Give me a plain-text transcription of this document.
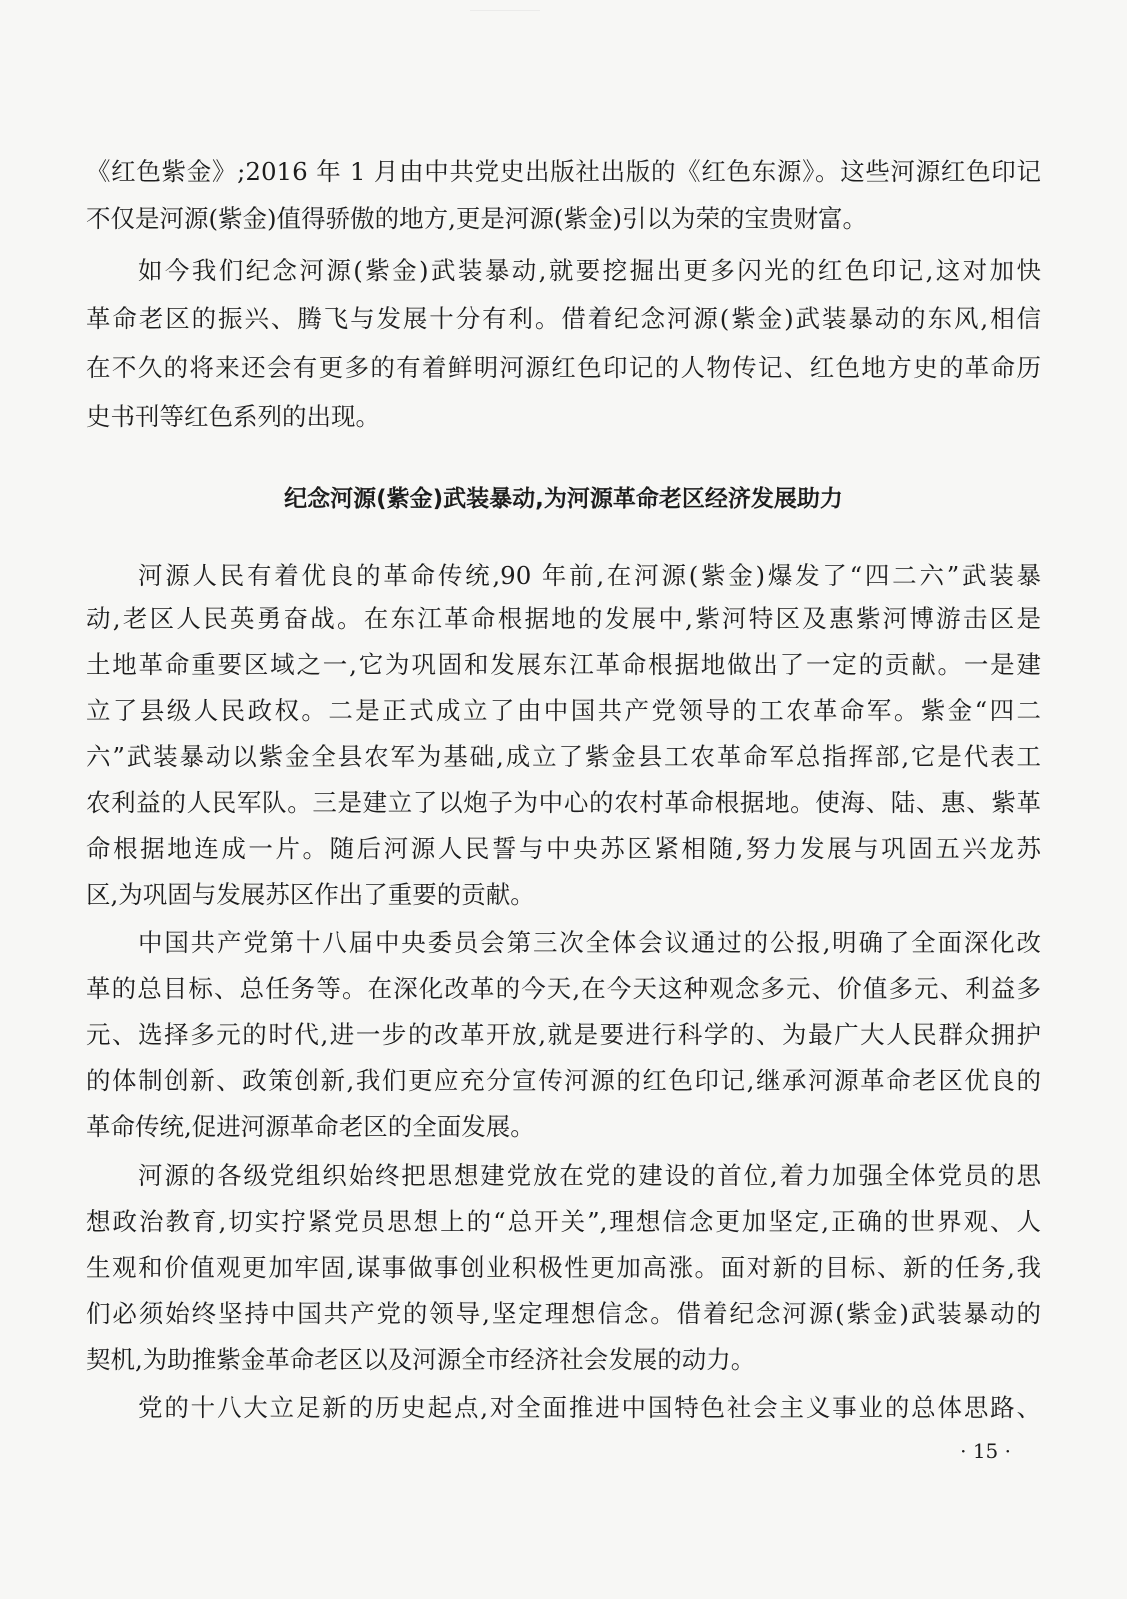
《红色紫金》;2016 年 1 月由中共党史出版社出版的《红色东源》。这些河源红色印记
不仅是河源(紫金)值得骄傲的地方,更是河源(紫金)引以为荣的宝贵财富。
如今我们纪念河源(紫金)武装暴动,就要挖掘出更多闪光的红色印记,这对加快
革命老区的振兴、腾飞与发展十分有利。借着纪念河源(紫金)武装暴动的东风,相信
在不久的将来还会有更多的有着鲜明河源红色印记的人物传记、红色地方史的革命历
史书刊等红色系列的出现。
纪念河源(紫金)武装暴动,为河源革命老区经济发展助力
河源人民有着优良的革命传统,90 年前,在河源(紫金)爆发了“四二六”武装暴
动,老区人民英勇奋战。在东江革命根据地的发展中,紫河特区及惠紫河博游击区是
土地革命重要区域之一,它为巩固和发展东江革命根据地做出了一定的贡献。一是建
立了县级人民政权。二是正式成立了由中国共产党领导的工农革命军。紫金“四二
六”武装暴动以紫金全县农军为基础,成立了紫金县工农革命军总指挥部,它是代表工
农利益的人民军队。三是建立了以炮子为中心的农村革命根据地。使海、陆、惠、紫革
命根据地连成一片。随后河源人民誓与中央苏区紧相随,努力发展与巩固五兴龙苏
区,为巩固与发展苏区作出了重要的贡献。
中国共产党第十八届中央委员会第三次全体会议通过的公报,明确了全面深化改
革的总目标、总任务等。在深化改革的今天,在今天这种观念多元、价值多元、利益多
元、选择多元的时代,进一步的改革开放,就是要进行科学的、为最广大人民群众拥护
的体制创新、政策创新,我们更应充分宣传河源的红色印记,继承河源革命老区优良的
革命传统,促进河源革命老区的全面发展。
河源的各级党组织始终把思想建党放在党的建设的首位,着力加强全体党员的思
想政治教育,切实拧紧党员思想上的“总开关”,理想信念更加坚定,正确的世界观、人
生观和价值观更加牢固,谋事做事创业积极性更加高涨。面对新的目标、新的任务,我
们必须始终坚持中国共产党的领导,坚定理想信念。借着纪念河源(紫金)武装暴动的
契机,为助推紫金革命老区以及河源全市经济社会发展的动力。
党的十八大立足新的历史起点,对全面推进中国特色社会主义事业的总体思路、
· 15 ·
